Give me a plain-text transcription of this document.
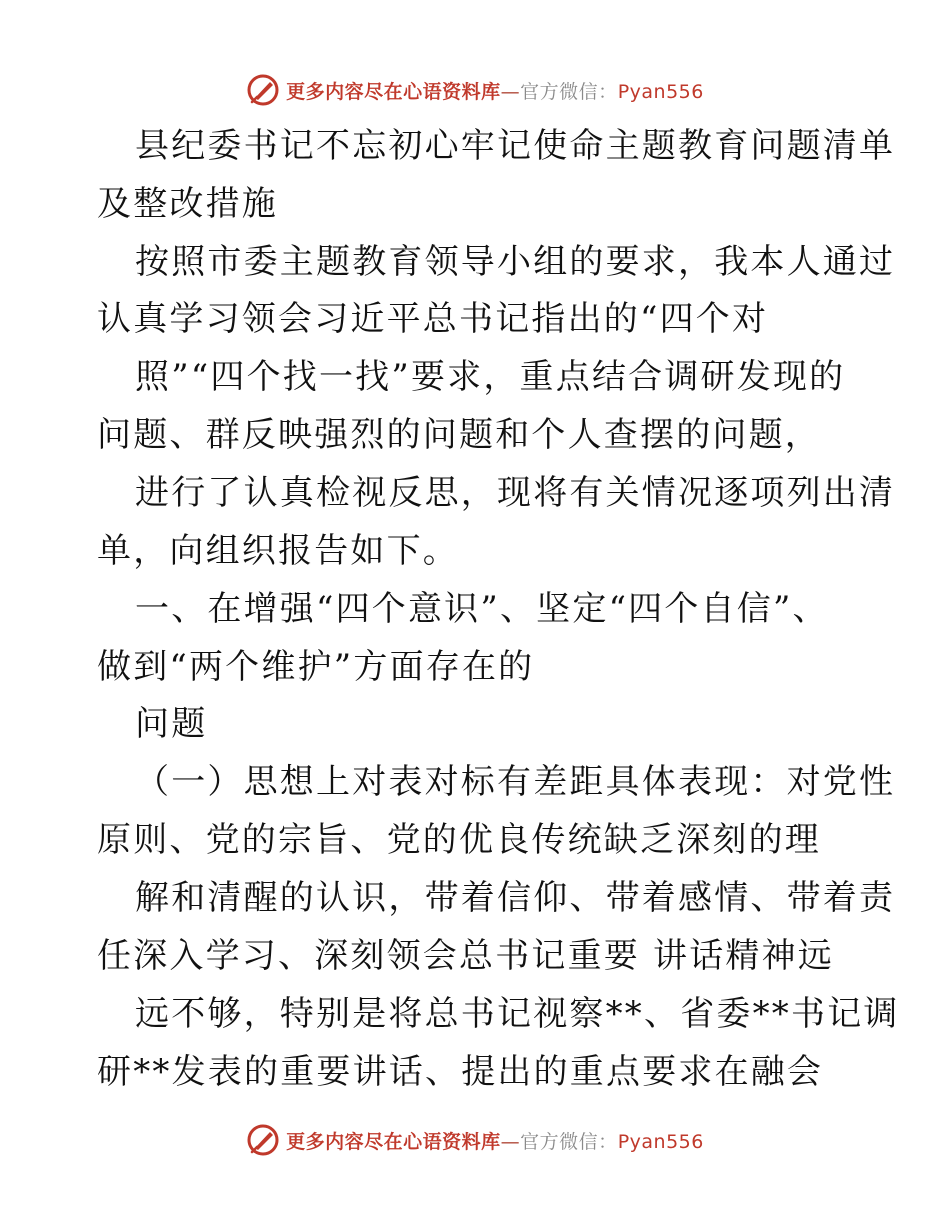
更多内容尽在心语资料库—官方微信：Pyan556
县纪委书记不忘初心牢记使命主题教育问题清单
及整改措施
按照市委主题教育领导小组的要求，我本人通过
认真学习领会习近平总书记指出的“四个对
照”“四个找一找”要求，重点结合调研发现的
问题、群反映强烈的问题和个人查摆的问题，
进行了认真检视反思，现将有关情况逐项列出清
单，向组织报告如下。
一、在增强“四个意识”、坚定“四个自信”、
做到“两个维护”方面存在的
问题
（一）思想上对表对标有差距具体表现：对党性
原则、党的宗旨、党的优良传统缺乏深刻的理
解和清醒的认识，带着信仰、带着感情、带着责
任深入学习、深刻领会总书记重要 讲话精神远
远不够，特别是将总书记视察**、省委**书记调
研**发表的重要讲话、提出的重点要求在融会
更多内容尽在心语资料库—官方微信：Pyan556
